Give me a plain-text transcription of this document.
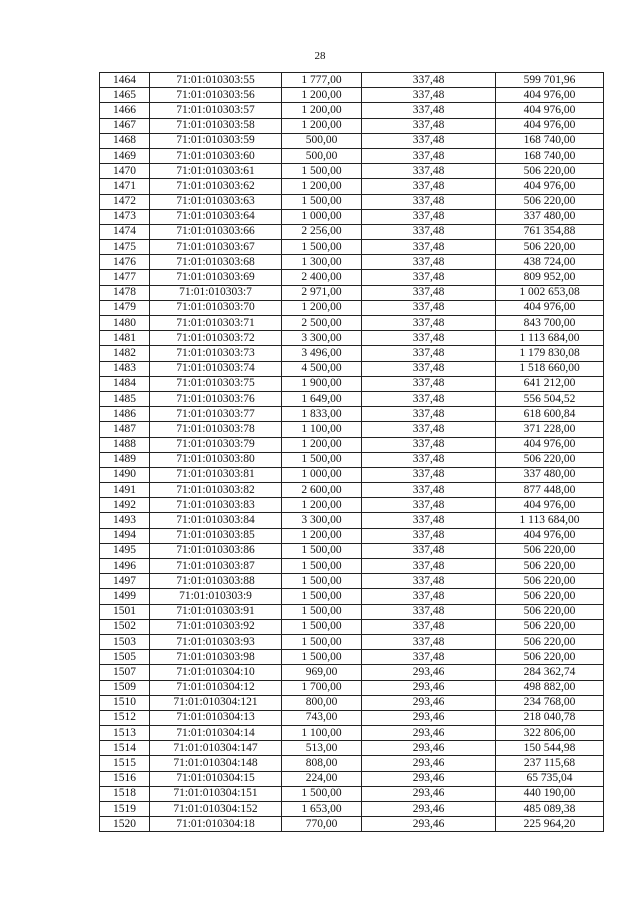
28
1464	71:01:010303:55	1 777,00	337,48	599 701,96
1465	71:01:010303:56	1 200,00	337,48	404 976,00
1466	71:01:010303:57	1 200,00	337,48	404 976,00
1467	71:01:010303:58	1 200,00	337,48	404 976,00
1468	71:01:010303:59	500,00	337,48	168 740,00
1469	71:01:010303:60	500,00	337,48	168 740,00
1470	71:01:010303:61	1 500,00	337,48	506 220,00
1471	71:01:010303:62	1 200,00	337,48	404 976,00
1472	71:01:010303:63	1 500,00	337,48	506 220,00
1473	71:01:010303:64	1 000,00	337,48	337 480,00
1474	71:01:010303:66	2 256,00	337,48	761 354,88
1475	71:01:010303:67	1 500,00	337,48	506 220,00
1476	71:01:010303:68	1 300,00	337,48	438 724,00
1477	71:01:010303:69	2 400,00	337,48	809 952,00
1478	71:01:010303:7	2 971,00	337,48	1 002 653,08
1479	71:01:010303:70	1 200,00	337,48	404 976,00
1480	71:01:010303:71	2 500,00	337,48	843 700,00
1481	71:01:010303:72	3 300,00	337,48	1 113 684,00
1482	71:01:010303:73	3 496,00	337,48	1 179 830,08
1483	71:01:010303:74	4 500,00	337,48	1 518 660,00
1484	71:01:010303:75	1 900,00	337,48	641 212,00
1485	71:01:010303:76	1 649,00	337,48	556 504,52
1486	71:01:010303:77	1 833,00	337,48	618 600,84
1487	71:01:010303:78	1 100,00	337,48	371 228,00
1488	71:01:010303:79	1 200,00	337,48	404 976,00
1489	71:01:010303:80	1 500,00	337,48	506 220,00
1490	71:01:010303:81	1 000,00	337,48	337 480,00
1491	71:01:010303:82	2 600,00	337,48	877 448,00
1492	71:01:010303:83	1 200,00	337,48	404 976,00
1493	71:01:010303:84	3 300,00	337,48	1 113 684,00
1494	71:01:010303:85	1 200,00	337,48	404 976,00
1495	71:01:010303:86	1 500,00	337,48	506 220,00
1496	71:01:010303:87	1 500,00	337,48	506 220,00
1497	71:01:010303:88	1 500,00	337,48	506 220,00
1499	71:01:010303:9	1 500,00	337,48	506 220,00
1501	71:01:010303:91	1 500,00	337,48	506 220,00
1502	71:01:010303:92	1 500,00	337,48	506 220,00
1503	71:01:010303:93	1 500,00	337,48	506 220,00
1505	71:01:010303:98	1 500,00	337,48	506 220,00
1507	71:01:010304:10	969,00	293,46	284 362,74
1509	71:01:010304:12	1 700,00	293,46	498 882,00
1510	71:01:010304:121	800,00	293,46	234 768,00
1512	71:01:010304:13	743,00	293,46	218 040,78
1513	71:01:010304:14	1 100,00	293,46	322 806,00
1514	71:01:010304:147	513,00	293,46	150 544,98
1515	71:01:010304:148	808,00	293,46	237 115,68
1516	71:01:010304:15	224,00	293,46	65 735,04
1518	71:01:010304:151	1 500,00	293,46	440 190,00
1519	71:01:010304:152	1 653,00	293,46	485 089,38
1520	71:01:010304:18	770,00	293,46	225 964,20
